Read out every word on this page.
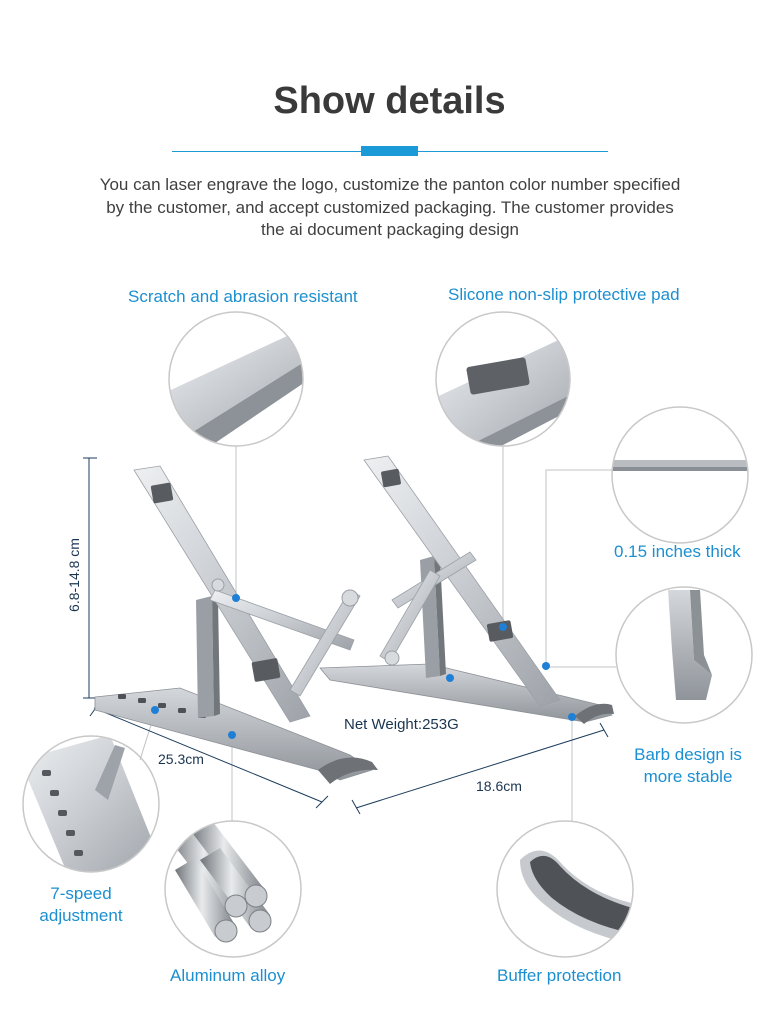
Show details

You can laser engrave the logo, customize the panton color number specified
by the customer, and accept customized packaging. The customer provides
the ai document packaging design

Scratch and abrasion resistant	Slicone non-slip protective pad
0.15 inches thick
Barb design is
more stable
7-speed
adjustment
Aluminum alloy	Buffer protection
6.8-14.8 cm
25.3cm
18.6cm
Net Weight:253G
